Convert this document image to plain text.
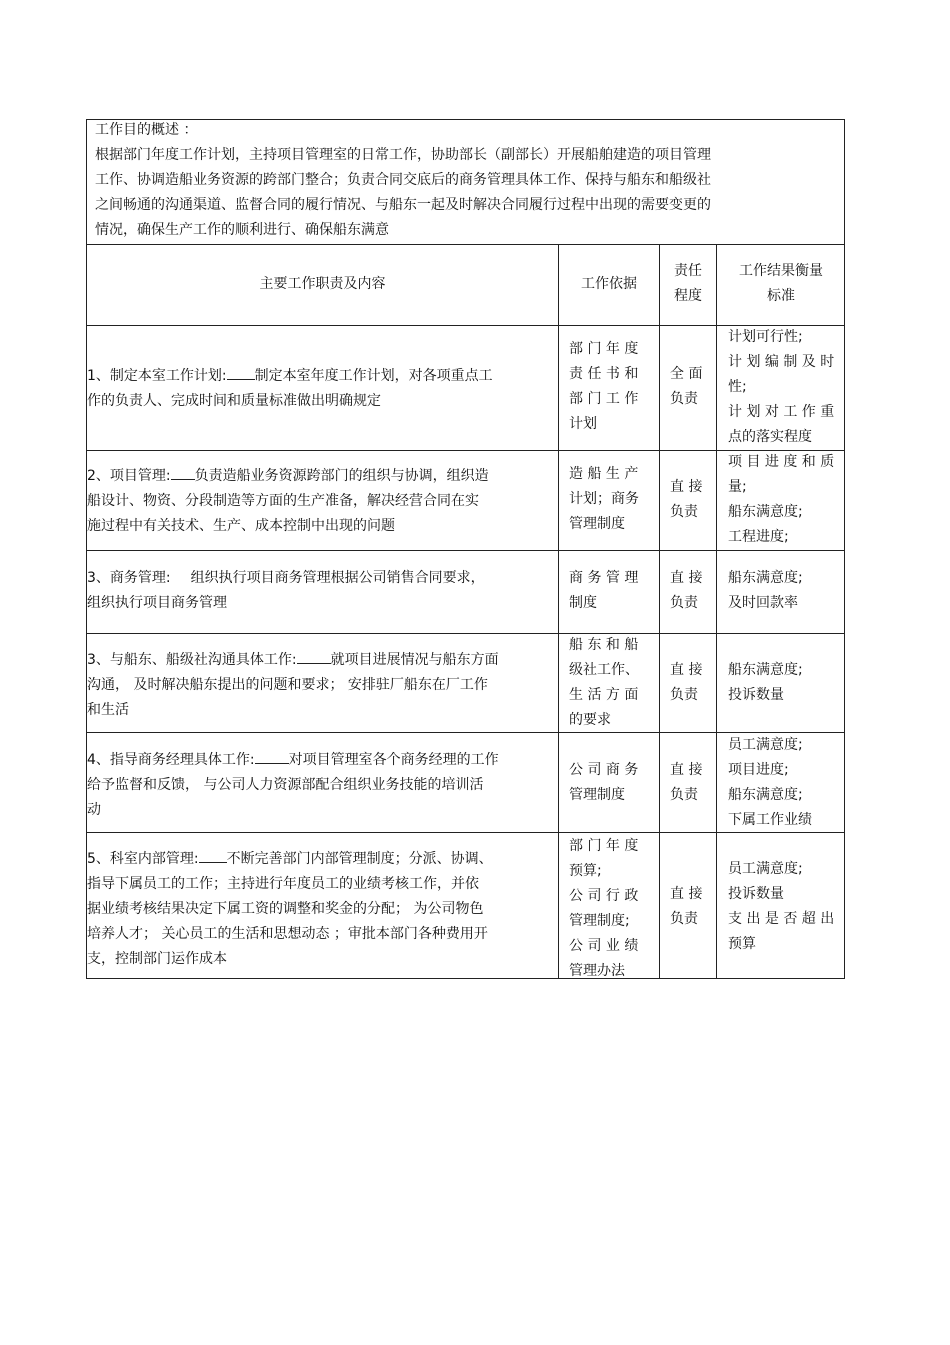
工作目的概述 ：
根据部门年度工作计划，主持项目管理室的日常工作，协助部长（副部长）开展船舶建造的项目管理
工作、协调造船业务资源的跨部门整合；负责合同交底后的商务管理具体工作、保持与船东和船级社
之间畅通的沟通渠道、监督合同的履行情况、与船东一起及时解决合同履行过程中出现的需要变更的
情况，确保生产工作的顺利进行、确保船东满意
主要工作职责及内容	工作依据
责任
程度
工作结果衡量
标准
1、制定本室工作计划: 制定本室年度工作计划，对各项重点工
作的负责人、完成时间和质量标准做出明确规定
部 门 年 度
责 任 书 和
部 门 工 作
计划
全 面
负责
计划可行性;
计 划 编 制 及 时
性;
计 划 对 工 作 重
点的落实程度
2、项目管理: 负责造船业务资源跨部门的组织与协调，组织造
船设计、物资、分段制造等方面的生产准备，解决经营合同在实
施过程中有关技术、生产、成本控制中出现的问题
造 船 生 产
计划；商务
管理制度
直 接
负责
项 目 进 度 和 质
量;
船东满意度;
工程进度;
3、商务管理: 组织执行项目商务管理根据公司销售合同要求，
组织执行项目商务管理
商 务 管 理
制度
直 接
负责
船东满意度;
及时回款率
3、与船东、船级社沟通具体工作: 就项目进展情况与船东方面
沟通， 及时解决船东提出的问题和要求； 安排驻厂船东在厂工作
和生活
船 东 和 船
级社工作、
生 活 方 面
的要求
直 接
负责
船东满意度;
投诉数量
4、指导商务经理具体工作: 对项目管理室各个商务经理的工作
给予监督和反馈， 与公司人力资源部配合组织业务技能的培训活
动
公 司 商 务
管理制度
直 接
负责
员工满意度;
项目进度;
船东满意度;
下属工作业绩
5、科室内部管理: 不断完善部门内部管理制度；分派、协调、
指导下属员工的工作；主持进行年度员工的业绩考核工作，并依
据业绩考核结果决定下属工资的调整和奖金的分配； 为公司物色
培养人才； 关心员工的生活和思想动态 ；审批本部门各种费用开
支，控制部门运作成本
部 门 年 度
预算;
公 司 行 政
管理制度;
公 司 业 绩
管理办法
直 接
负责
员工满意度;
投诉数量
支 出 是 否 超 出
预算
